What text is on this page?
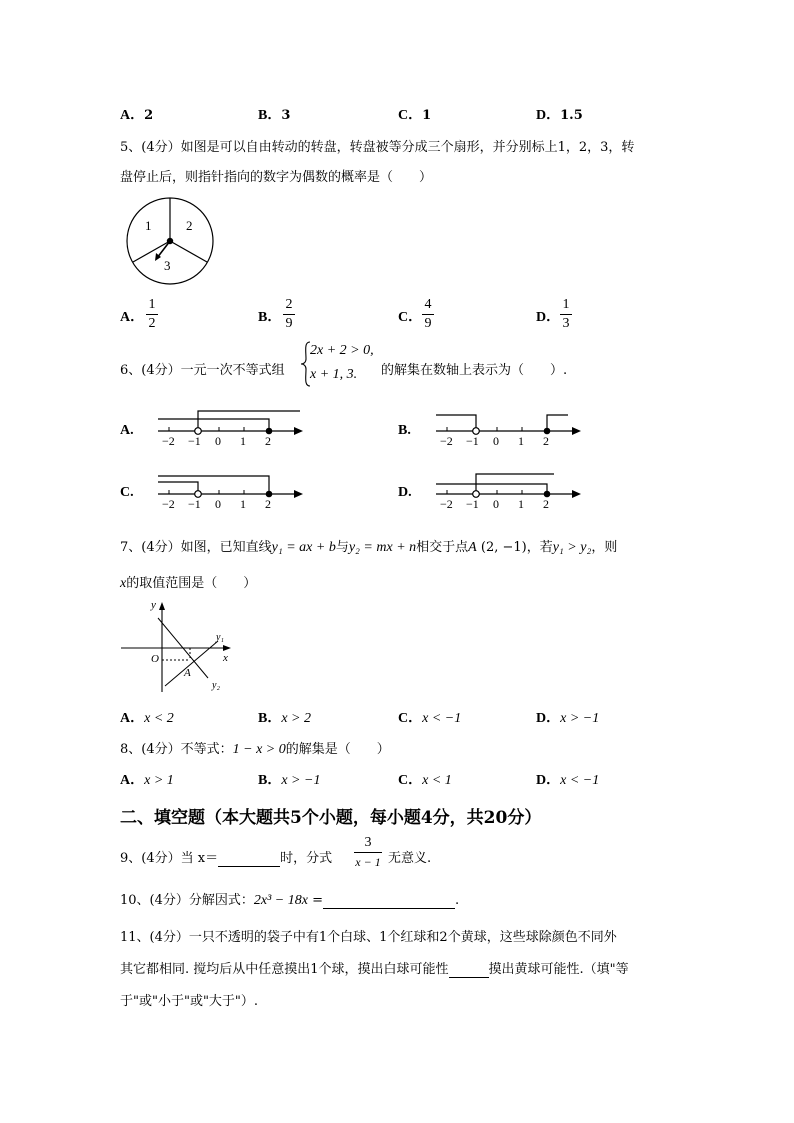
A．2	B．3	C．1	D．1.5
5、(4分）如图是可以自由转动的转盘，转盘被等分成三个扇形，并分别标上1，2，3，转
盘停止后，则指针指向的数字为偶数的概率是（　　）
1	2
3
A．
1
2	B．
2
9	C．
4
9	D．
1
3
6、(4分）一元一次不等式组
2x + 2 > 0,
x + 1, 3. 的解集在数轴上表示为（　　）.
A.
−2 −1 0 1 2
B.
−2 −1 0 1 2
C.
−2 −1 0 1 2
D.
−2 −1 0 1 2
7、(4分）如图，已知直线y₁ = ax + b与y₂ = mx + n相交于点A (2, −1)，若y₁ > y₂，则
x的取值范围是（　　）
y
x
O
A
y₁
y₂
A．x < 2	B．x > 2	C．x < −1	D．x > −1
8、(4分）不等式：1 − x > 0的解集是（　　）
A．x > 1	B．x > −1	C．x < 1	D．x < −1
二、填空题（本大题共5个小题，每小题4分，共20分）
9、(4分）当 x＝	时，分式
3
x − 1 无意义.
10、(4分）分解因式：2x³ − 18x =	.
11、(4分）一只不透明的袋子中有1个白球、1个红球和2个黄球，这些球除颜色不同外
其它都相同. 搅均后从中任意摸出1个球，摸出白球可能性	摸出黄球可能性.（填"等
于"或"小于"或"大于"）.
